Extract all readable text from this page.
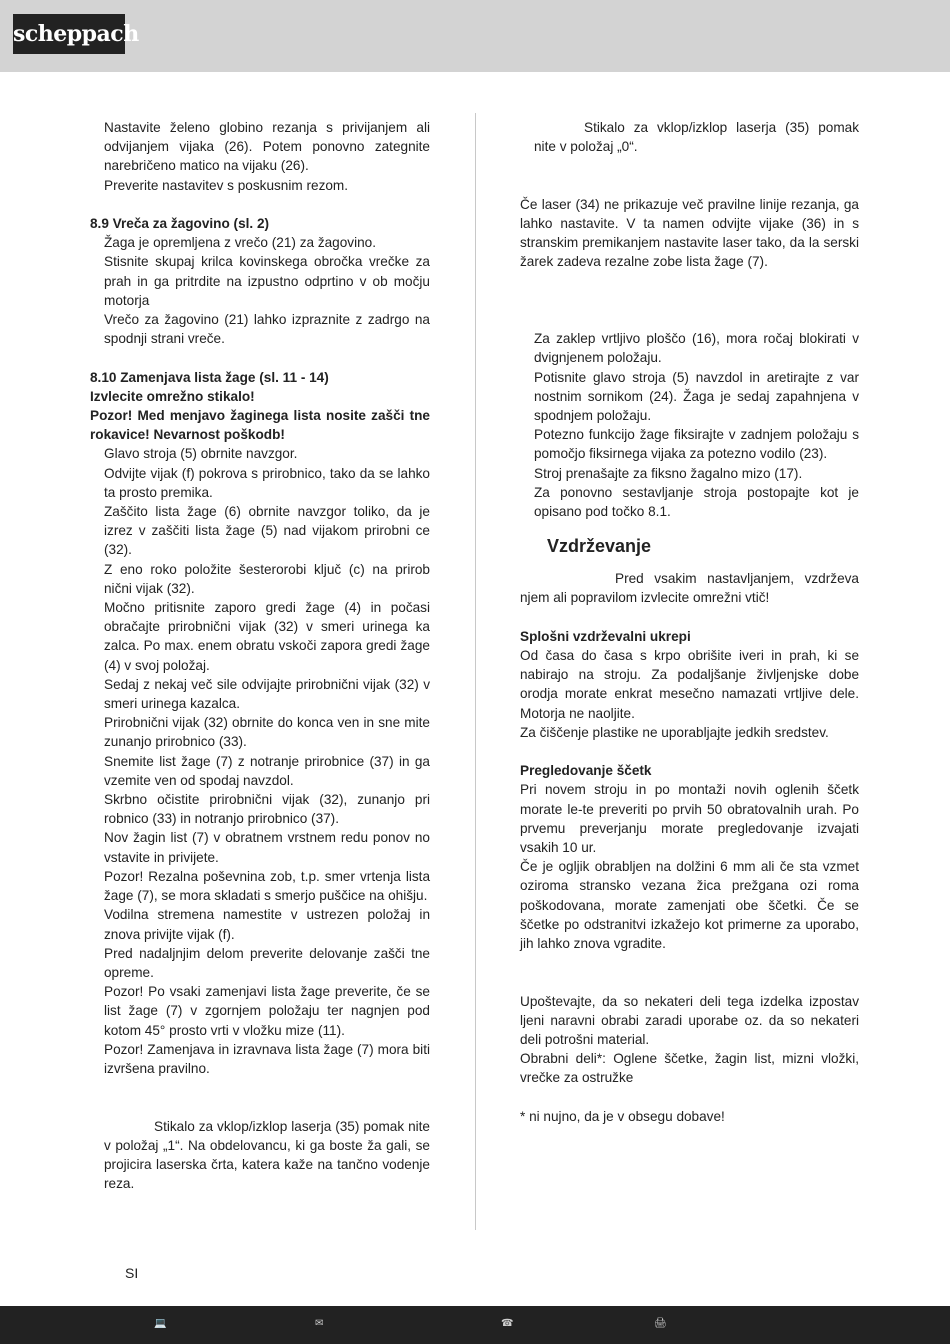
scheppach
Nastavite želeno globino rezanja s privijanjem ali odvijanjem vijaka (26). Potem ponovno zategnite narebričeno matico na vijaku (26).
Preverite nastavitev s poskusnim rezom.
8.9 Vreča za žagovino (sl. 2)
Žaga je opremljena z vrečo (21) za žagovino.
Stisnite skupaj krilca kovinskega obročka vrečke za prah in ga pritrdite na izpustno odprtino v ob močju motorja
Vrečo za žagovino (21) lahko izpraznite z zadrgo na spodnji strani vreče.
8.10 Zamenjava lista žage (sl. 11 - 14)
Izvlecite omrežno stikalo!
Pozor! Med menjavo žaginega lista nosite zašči tne rokavice! Nevarnost poškodb!
Glavo stroja (5) obrnite navzgor.
Odvijte vijak (f) pokrova s prirobnico, tako da se lahko ta prosto premika.
Zaščito lista žage (6) obrnite navzgor toliko, da je izrez v zaščiti lista žage (5) nad vijakom prirobni ce (32).
Z eno roko položite šesterorobi ključ (c) na prirob nični vijak (32).
Močno pritisnite zaporo gredi žage (4) in počasi obračajte prirobnični vijak (32) v smeri urinega ka zalca. Po max. enem obratu vskoči zapora gredi žage (4) v svoj položaj.
Sedaj z nekaj več sile odvijajte prirobnični vijak (32) v smeri urinega kazalca.
Prirobnični vijak (32) obrnite do konca ven in sne mite zunanjo prirobnico (33).
Snemite list žage (7) z notranje prirobnice (37) in ga vzemite ven od spodaj navzdol.
Skrbno očistite prirobnični vijak (32), zunanjo pri robnico (33) in notranjo prirobnico (37).
Nov žagin list (7) v obratnem vrstnem redu ponov no vstavite in privijete.
Pozor! Rezalna poševnina zob, t.p. smer vrtenja lista žage (7), se mora skladati s smerjo puščice na ohišju.
Vodilna stremena namestite v ustrezen položaj in znova privijte vijak (f).
Pred nadaljnjim delom preverite delovanje zašči tne opreme.
Pozor! Po vsaki zamenjavi lista žage preverite, če se list žage (7) v zgornjem položaju ter nagnjen pod kotom 45° prosto vrti v vložku mize (11).
Pozor! Zamenjava in izravnava lista žage (7) mora biti izvršena pravilno.
Stikalo za vklop/izklop laserja (35) pomak nite v položaj „1“. Na obdelovancu, ki ga boste ža gali, se projicira laserska črta, katera kaže na tančno vodenje reza.
Stikalo za vklop/izklop laserja (35) pomak nite v položaj „0“.
Če laser (34) ne prikazuje več pravilne linije rezanja, ga lahko nastavite. V ta namen odvijte vijake (36) in s stranskim premikanjem nastavite laser tako, da la serski žarek zadeva rezalne zobe lista žage (7).
Za zaklep vrtljivo ploščo (16), mora ročaj blokirati v dvignjenem položaju.
Potisnite glavo stroja (5) navzdol in aretirajte z var nostnim sornikom (24). Žaga je sedaj zapahnjena v spodnjem položaju.
Potezno funkcijo žage fiksirajte v zadnjem položaju s pomočjo fiksirnega vijaka za potezno vodilo (23).
Stroj prenašajte za fiksno žagalno mizo (17).
Za ponovno sestavljanje stroja postopajte kot je opisano pod točko 8.1.
Vzdrževanje
Pred vsakim nastavljanjem, vzdrževa njem ali popravilom izvlecite omrežni vtič!
Splošni vzdrževalni ukrepi
Od časa do časa s krpo obrišite iveri in prah, ki se nabirajo na stroju. Za podaljšanje življenjske dobe orodja morate enkrat mesečno namazati vrtljive dele. Motorja ne naoljite.
Za čiščenje plastike ne uporabljajte jedkih sredstev.
Pregledovanje ščetk
Pri novem stroju in po montaži novih oglenih ščetk morate le-te preveriti po prvih 50 obratovalnih urah. Po prvemu preverjanju morate pregledovanje izvajati vsakih 10 ur.
Če je ogljik obrabljen na dolžini 6 mm ali če sta vzmet oziroma stransko vezana žica prežgana ozi roma poškodovana, morate zamenjati obe ščetki. Če se ščetke po odstranitvi izkažejo kot primerne za uporabo, jih lahko znova vgradite.
Upoštevajte, da so nekateri deli tega izdelka izpostav ljeni naravni obrabi zaradi uporabe oz. da so nekateri deli potrošni material.
Obrabni deli*: Oglene ščetke, žagin list, mizni vložki, vrečke za ostružke
* ni nujno, da je v obsegu dobave!
SI
💻	✉	☎	🖨
